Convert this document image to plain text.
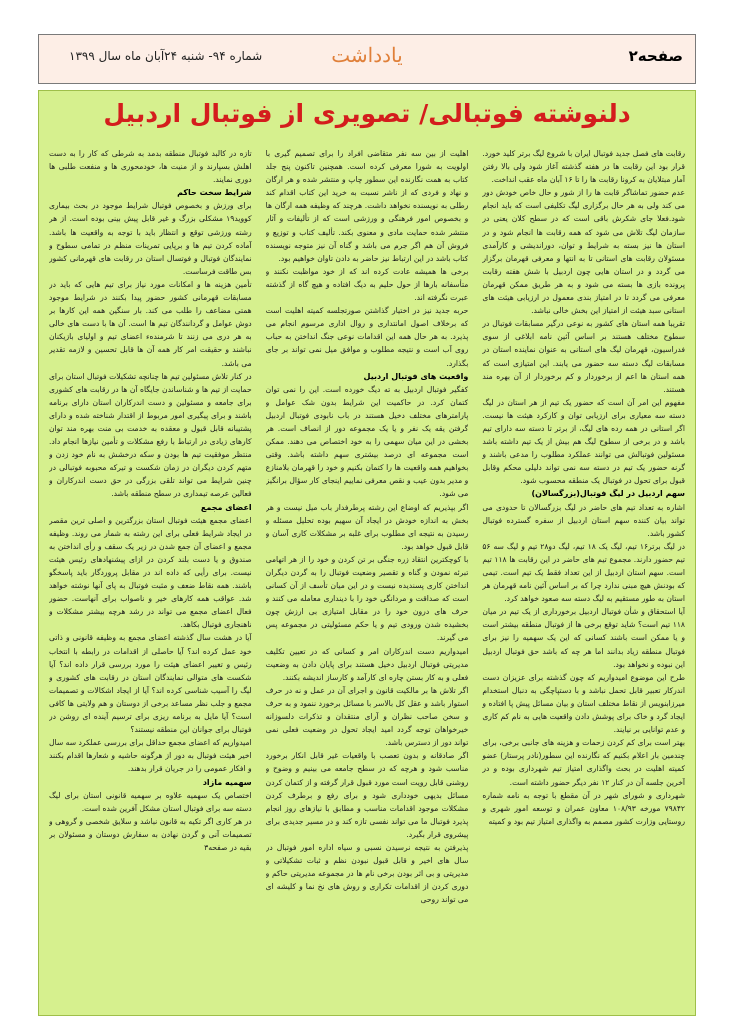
صفحه۲
یادداشت
شماره ۹۴- شنبه ۲۴آبان ماه سال ۱۳۹۹
دلنوشته فوتبالی/ تصویری از فوتبال اردبیل

رقابت های فصل جدید فوتبال ایران با شروع لیگ برتر کلید خورد. قرار بود این رقابت ها در هفته گذشته آغاز شود ولی بالا رفتن آمار مبتلایان به کرونا رقابت ها را تا ۱۶ آبان ماه عقب انداخت.

عدم حضور تماشاگر قابت ها را از شور و حال خاص خودش دور می کند ولی به هر حال برگزاری لیگ تکلیفی است که باید انجام شود.فعلا جای شکرش باقی است که در سطح کلان یعنی در سازمان لیگ تلاش می شود که همه رقابت ها انجام شود و در استان ها نیز بسته به شرایط و توان، دوراندیشی و کارآمدی مسئولان رقابت های استانی تا به انتها و معرفی قهرمان برگزار می گردد و در استان هایی چون اردبیل با شش هفته رقابت پرونده بازی ها بسته می شود و به هر طریق ممکن قهرمان معرفی می گردد تا در امتیاز بندی معمول در ارزیابی هیئت های استانی سبد هیئت از امتیاز این بخش خالی نباشد.

تقریبا همه استان های کشور به نوعی درگیر مسابقات فوتبال در سطوح مختلف هستند بر اساس آئین نامه ابلاغی از سوی فدراسیون، قهرمان لیگ های استانی به عنوان نماینده استان در مسابقات لیگ دسته سه حضور می یابند. این امتیازی است که همه استان ها اعم از برخوردار و کم برخوردار از آن بهره مند هستند.

مفهوم این امر آن است که حضور یک تیم از هر استان در لیگ دسته سه معیاری برای ارزیابی توان و کارکرد هیئت ها نیست. اگر استانی در همه رده های لیگ، از برتر تا دسته سه دارای تیم باشد و در برخی از سطوح لیگ هم بیش از یک تیم داشته باشد مسئولین فوتبالش می توانند عملکرد مطلوب را مدعی باشند و گرنه حضور یک تیم در دسته سه نمی تواند دلیلی محکم وقابل قبول برای تحول در فوتبال یک منطقه محسوب شود.

سهم اردبیل در لیگ فوتبال(بزرگسالان)

اشاره به تعداد تیم های حاضر در لیگ بزرگسالان تا حدودی می تواند بیان کننده سهم استان اردبیل از سفره گسترده فوتبال کشور باشد.

در لیگ برتر۱۶ تیم، لیگ یک ۱۸ تیم، لیگ دو۲۸ تیم و لیگ سه ۵۶ تیم حضور دارند. مجموع تیم های حاضر در این رقابت ها ۱۱۸ تیم است. سهم استان اردبیل از این تعداد فقط یک تیم است. تیمی که بودنش هیچ مبنی ندارد چرا که بر اساس آئین نامه قهرمان هر استان به طور مستقیم به لیگ دسته سه صعود خواهد کرد.

آیا استحقاق و شأن فوتبال اردبیل برخورداری از یک تیم در میان ۱۱۸ تیم است؟ شاید توقع برخی ها از فوتبال منطقه بیشتر است و یا ممکن است باشند کسانی که این یک سهمیه را نیز برای فوتبال منطقه زیاد بدانند اما هر چه که باشد حق فوتبال اردبیل این نبوده و نخواهد بود.

طرح این موضوع امیدواریم که چون گذشته برای عزیزان دست اندرکار تعبیر قابل تحمل نباشد و با دستپاچگی به دنبال استخدام میرزابنویس از نقاط مختلف استان و بیان مسائل پیش پا افتاده و ایجاد گرد و خاک برای پوشش دادن واقعیت هایی به نام کم کاری و عدم توانایی بر نیایند.

بهتر است برای کم کردن زحمات و هزینه های جانبی برخی، برای چندمین بار اعلام بکنیم که نگارنده این سطور(نادر پرستار) عضو کمیته اهلیت در بحث واگذاری امتیاز تیم شهرداری بوده و در آخرین جلسه آن در کنار ۱۲ نفر دیگر حضور داشته است.

شهرداری و شورای شهر در آن مقطع با توجه به نامه شماره ۷۹۸۴۲ مورخه ۱۰۸/۹۳ معاون عمران و توسعه امور شهری و روستایی وزارت کشور مصمم به واگذاری امتیاز تیم بود و کمیته

اهلیت از بین سه نفر متقاضی افراد را برای تصمیم گیری با اولویت به شورا معرفی کرده است. همچنین تاکنون پنج جلد کتاب به همت نگارنده این سطور چاپ و منتشر شده و هر ارگان و نهاد و فردی که از ناشر نسبت به خرید این کتاب اقدام کند رطلی به نویسنده نخواهد داشت. هرچند که وظیفه همه ارگان ها و بخصوص امور فرهنگی و ورزشی است که از تألیفات و آثار منتشر شده حمایت مادی و معنوی بکند. تألیف کتاب و توزیع و فروش آن هم اگر جرم می باشد و گناه آن نیز متوجه نویسنده کتاب باشد در این ارتباط نیز حاضر به دادن تاوان خواهیم بود.

برخی ها همیشه عادت کرده اند که از خود مواظبت نکنند و متأسفانه بارها از حول حلیم به دیگ افتاده و هیچ گاه از گذشته عبرت نگرفته اند.

حربه جدید نیز در اختیار گذاشتن صورتجلسه کمیته اهلیت است که برخلاف اصول امانتداری و روال اداری مرسوم انجام می پذیرد. به هر حال همه این اقدامات نوعی جنگ انداختن به حباب روی آب است و نتیجه مطلوب و موافق میل نمی تواند بر جای بگذارد.

واقعیت های فوتبال اردبیل

کفگیر فوتبال اردبیل به ته دیگ خورده است. این را نمی توان کتمان کرد. در حاکمیت این شرایط بدون شک عوامل و پارامترهای مختلف دخیل هستند در باب نابودی فوتبال اردبیل گرفتن یقه یک نفر و یا یک مجموعه دور از انصاف است. هر بخشی در این میان سهمی را به خود اختصاص می دهند. ممکن است مجموعه ای درصد بیشتری سهم داشته باشد. وقتی بخواهیم همه واقعیت ها را کتمان بکنیم و خود را قهرمان بلامنازع و مدیر بدون عیب و نقص معرفی نماییم اینجای کار سؤال برانگیز می شود.

اگر بپذیریم که اوضاع این رشته پرطرفدار باب میل نیست و هر بخش به اندازه خودش در ایجاد آن سهیم بوده تحلیل مسئله و رسیدن به نتیجه ای مطلوب برای غلبه بر مشکلات کاری آسان و قابل قبول خواهد بود.

با کوچکترین انتقاد زره جنگی بر تن کردن و خود را از هر اتهامی تبرئه نمودن و گناه و تقصیر وضعیت فوتبال را به گردن دیگران انداختن کاری پسندیده نیست و در این میان تأسف از آن کسانی است که صداقت و مردانگی خود را با دینداری معامله می کنند و حرف های درون خود را در مقابل امتیازی بی ارزش چون بخشیده شدن ورودی تیم و یا حکم مسئولیتی در مجموعه پس می گیرند.

امیدواریم دست اندرکاران امر و کسانی که در تعیین تکلیف مدیریتی فوتبال اردبیل دخیل هستند برای پایان دادن به وضعیت فعلی و به کار بستن چاره ای کارآمد و کارساز اندیشه بکنند.

اگر تلاش ها بر مالکیت قانون و اجرای آن در عمل و نه در حرف استوار باشد و عقل کل بالاسر با مسائل برخورد ننمود و به حرف و سخن صاحب نظران و آرای منتقدان و تذکرات دلسوزانه خیرخواهان توجه گردد امید ایجاد تحول در وضعیت فعلی نمی تواند دور از دسترس باشد.

اگر صادقانه و بدون تعصب با واقعیات غیر قابل انکار برخورد مناسب شود و هرچه که در سطح جامعه می بینیم و وضوح و روشنی قابل رویت است مورد قبول قرار گرفته و از کتمان کردن مسائل بدیهی خودداری شود و برای رفع و برطرف کردن مشکلات موجود اقدامات مناسب و مطابق با نیازهای روز انجام پذیرد فوتبال ما می تواند نفسی تازه کند و در مسیر جدیدی برای پیشروی قرار بگیرد.

پذیرفتن به نتیجه نرسیدن نسبی و سیاه اداره امور فوتبال در سال های اخیر و قابل قبول نبودن نظم و ثبات تشکیلاتی و مدیریتی و بی اثر بودن برخی نام ها در مجموعه مدیریتی حاکم و دوری کردن از اقدامات تکراری و روش های نخ نما و کلیشه ای می تواند روحی

تازه در کالبد فوتبال منطقه بدمد به شرطی که کار را به دست اهلش بسپارند و از منیت ها، خودمحوری ها و منفعت طلبی ها دوری نمایند.

شرایط سخت حاکم

برای ورزش و بخصوص فوتبال شرایط موجود در بحث بیماری کووید۱۹ مشکلی بزرگ و غیر قابل پیش بینی بوده است. از هر رشته ورزشی توقع و انتظار باید با توجه به واقعیت ها باشد. آماده کردن تیم ها و برپایی تمرینات منظم در تمامی سطوح و نمایندگان فوتبال و فوتسال استان در رقابت های قهرمانی کشور بس طاقت فرساست.

تأمین هزینه ها و امکانات مورد نیاز برای تیم هایی که باید در مسابقات قهرمانی کشور حضور پیدا بکنند در شرایط موجود همتی مضاعف را طلب می کند. بار سنگین همه این کارها بر دوش عوامل و گردانندگان تیم ها است. آن ها با دست های خالی به هر دری می زنند تا شرمندهء اعضای تیم و اولیای بازیکنان نباشند و حقیقت امر کار همه آن ها قابل تحسین و لازمه تقدیر می باشد.

در کنار تلاش مسئولین تیم ها چنانچه تشکیلات فوتبال استان برای حمایت از تیم ها و شناساندن جایگاه آن ها در رقابت های کشوری برای جامعه و مسئولین و دست اندرکاران استان دارای برنامه باشند و برای پیگیری امور مربوط از اقتدار شناخته شده و دارای پشتیبانه قابل قبول و معقده به خدمت بی منت بهره مند توان کارهای زیادی در ارتباط با رفع مشکلات و تأمین نیازها انجام داد. منتظر موفقیت تیم ها بودن و سکه درخشش به نام خود زدن و متهم کردن دیگران در زمان شکست و تیرکه محبوبه فوتبالی در چنین شرایط می تواند تلقی بزرگی در حق دست اندرکاران و فعالین عرصه تیمداری در سطح منطقه باشد.

اعضای مجمع

اعضای مجمع هیئت فوتبال استان بزرگترین و اصلی ترین مقصر در ایجاد شرایط فعلی برای این رشته به شمار می روند. وظیفه مجمع و اعضای آن جمع شدن در زیر یک سقف و رأی انداختن به صندوق و یا دست بلند کردن در ازای پیشنهادهای رئیس هیئت نیست. برای رأیی که داده اند در مقابل پروردگار باید پاسخگو باشند. همه نقاط ضعف و مثبت فوتبال به پای آنها نوشته خواهد شد. عواقب همه کارهای خیر و ناصواب برای آنهاست. حضور فعال اعضای مجمع می تواند در رشد هرچه بیشتر مشکلات و ناهنجاری فوتبال بکاهد.

آیا در هشت سال گذشته اعضای مجمع به وظیفه قانونی و ذاتی خود عمل کرده اند؟ آیا حاصلی از اقدامات در رابطه با انتخاب رئیس و تغییر اعضای هیئت را مورد بررسی قرار داده اند؟ آیا شکست های متوالی نمایندگان استان در رقابت های کشوری و لیگ را آسیب شناسی کرده اند؟ آیا از ایجاد اشکالات و تصمیمات مجمع و جلب نظر مساعد برخی از دوستان و هم ولایتی ها کافی است؟ آیا مایل به برنامه ریزی برای ترسیم آینده ای روشن در فوتبال برای جوانان این منطقه نیستند؟

امیدواریم که اعضای مجمع حداقل برای بررسی عملکرد سه سال اخیر هیئت فوتبال به دور از هرگونه حاشیه و شعارها اقدام بکنند و افکار عمومی را در جریان قرار بدهند.

سهمیه مازاد

اختصاص یک سهمیه علاوه بر سهمیه قانونی استان برای لیگ دسته سه برای فوتبال استان مشکل آفرین شده است.

در هر کاری اگر تکیه به قانون نباشد و سلایق شخصی و گروهی و تصمیمات آنی و گردن نهادن به سفارش دوستان و مسئولان بر بقیه در صفحه۳
